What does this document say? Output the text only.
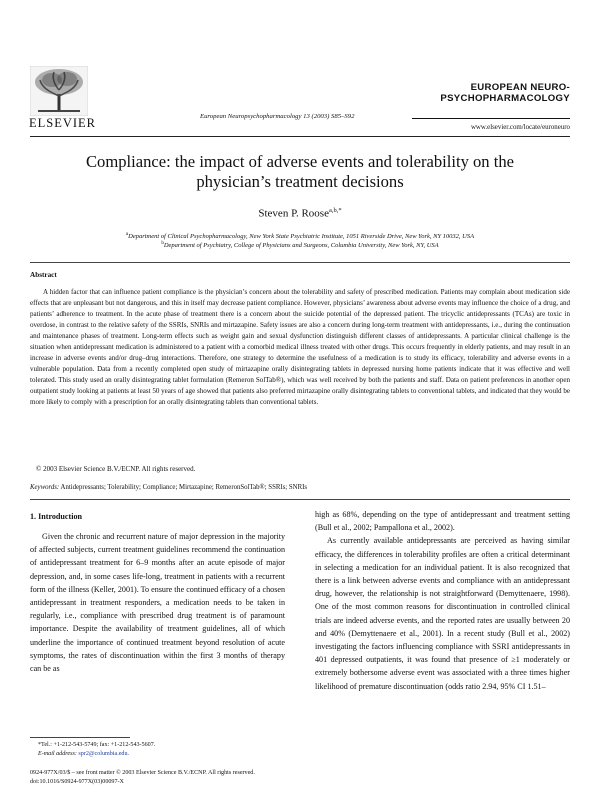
ELSEVIER	European Neuropsychopharmacology 13 (2003) S85–S92
EUROPEAN NEURO-
PSYCHOPHARMACOLOGY
www.elsevier.com/locate/euroneuro
Compliance: the impact of adverse events and tolerability on the
physician’s treatment decisions
Steven P. Roose$^{a,b,*}$
$^a$Department of Clinical Psychopharmacology, New York State Psychiatric Institute, 1051 Riverside Drive, New York, NY 10032, USA
$^b$Department of Psychiatry, College of Physicians and Surgeons, Columbia University, New York, NY, USA
Abstract
A hidden factor that can influence patient compliance is the physician’s concern about the tolerability and safety of prescribed medication. Patients may complain about medication side effects that are unpleasant but not dangerous, and this in itself may decrease patient compliance. However, physicians’ awareness about adverse events may influence the choice of a drug, and patients’ adherence to treatment. In the acute phase of treatment there is a concern about the suicide potential of the depressed patient. The tricyclic antidepressants (TCAs) are toxic in overdose, in contrast to the relative safety of the SSRIs, SNRIs and mirtazapine. Safety issues are also a concern during long-term treatment with antidepressants, i.e., during the continuation and maintenance phases of treatment. Long-term effects such as weight gain and sexual dysfunction distinguish different classes of antidepressants. A particular clinical challenge is the situation when antidepressant medication is administered to a patient with a comorbid medical illness treated with other drugs. This occurs frequently in elderly patients, and may result in an increase in adverse events and/or drug–drug interactions. Therefore, one strategy to determine the usefulness of a medication is to study its efficacy, tolerability and adverse events in a vulnerable population. Data from a recently completed open study of mirtazapine orally disintegrating tablets in depressed nursing home patients indicate that it was effective and well tolerated. This study used an orally disintegrating tablet formulation (Remeron SolTab®), which was well received by both the patients and staff. Data on patient preferences in another open outpatient study looking at patients at least 50 years of age showed that patients also preferred mirtazapine orally disintegrating tablets to conventional tablets, and indicated that they would be more likely to comply with a prescription for an orally disintegrating tablets than conventional tablets.
© 2003 Elsevier Science B.V./ECNP. All rights reserved.
Keywords: Antidepressants; Tolerability; Compliance; Mirtazapine; RemeronSolTab®; SSRIs; SNRIs
1. Introduction
Given the chronic and recurrent nature of major depression in the majority of affected subjects, current treatment guidelines recommend the continuation of antidepressant treatment for 6–9 months after an acute episode of major depression, and, in some cases life-long, treatment in patients with a recurrent form of the illness (Keller, 2001). To ensure the continued efficacy of a chosen antidepressant in treatment responders, a medication needs to be taken in regularly, i.e., compliance with prescribed drug treatment is of paramount importance. Despite the availability of treatment guidelines, all of which underline the importance of continued treatment beyond resolution of acute symptoms, the rates of discontinuation within the first 3 months of therapy can be as

high as 68%, depending on the type of antidepressant and treatment setting (Bull et al., 2002; Pampallona et al., 2002).

As currently available antidepressants are perceived as having similar efficacy, the differences in tolerability profiles are often a critical determinant in selecting a medication for an individual patient. It is also recognized that there is a link between adverse events and compliance with an antidepressant drug, however, the relationship is not straightforward (Demyttenaere, 1998). One of the most common reasons for discontinuation in controlled clinical trials are indeed adverse events, and the reported rates are usually between 20 and 40% (Demyttenaere et al., 2001). In a recent study (Bull et al., 2002) investigating the factors influencing compliance with SSRI antidepressants in 401 depressed outpatients, it was found that presence of ≥1 moderately or extremely bothersome adverse event was associated with a three times higher likelihood of premature discontinuation (odds ratio 2.94, 95% CI 1.51–

*Tel.: +1-212-543-5749; fax: +1-212-543-5607.
E-mail address: spr2@columbia.edu.
0924-977X/03/$ – see front matter © 2003 Elsevier Science B.V./ECNP. All rights reserved.
doi:10.1016/S0924-977X(03)00097-X
